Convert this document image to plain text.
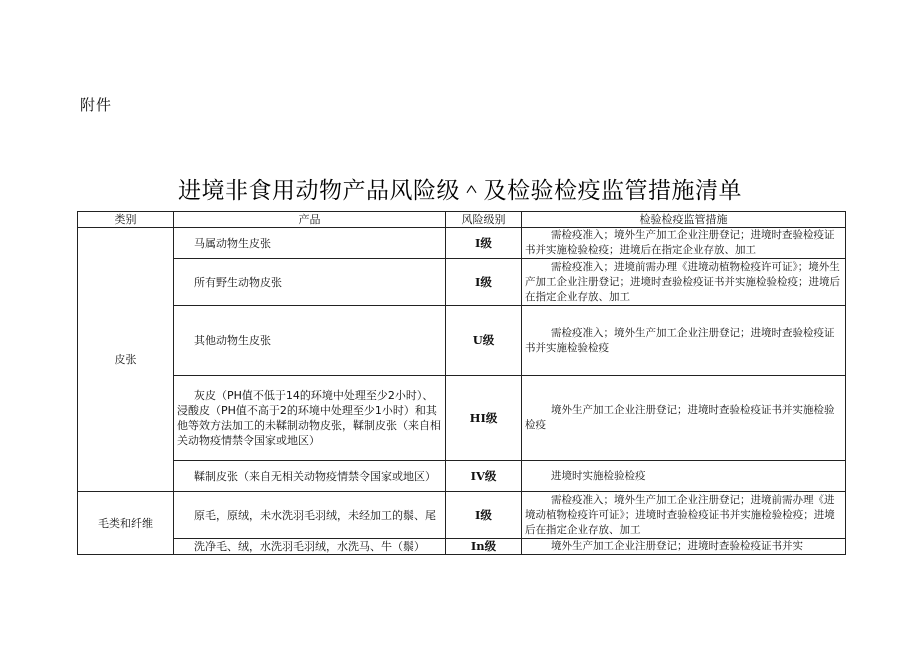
附件
进境非食用动物产品风险级＾及检验检疫监管措施清单
类别	产品	风险级别	检验检疫监管措施
皮张	马属动物生皮张	I级	需检疫准入；境外生产加工企业注册登记；进境时查验检疫证书并实施检验检疫；进境后在指定企业存放、加工
	所有野生动物皮张	I级	需检疫准入；进境前需办理《进境动植物检疫许可证》；境外生产加工企业注册登记；进境时查验检疫证书并实施检验检疫；进境后在指定企业存放、加工
	其他动物生皮张	U级	需检疫准入；境外生产加工企业注册登记；进境时查验检疫证书并实施检验检疫
	灰皮（PH值不低于14的环境中处理至少2小时）、浸酸皮（PH值不高于2的环境中处理至少1小时）和其他等效方法加工的未鞣制动物皮张，鞣制皮张（来自相关动物疫情禁令国家或地区）	HI级	境外生产加工企业注册登记；进境时查验检疫证书并实施检验检疫
	鞣制皮张（来自无相关动物疫情禁令国家或地区）	IV级	进境时实施检验检疫
毛类和纤维	原毛，原绒，未水洗羽毛羽绒，未经加工的鬃、尾	I级	需检疫准入；境外生产加工企业注册登记；进境前需办理《进境动植物检疫许可证》；进境时查验检疫证书并实施检验检疫；进境后在指定企业存放、加工
	洗净毛、绒，水洗羽毛羽绒，水洗马、牛（鬃）	In级	境外生产加工企业注册登记；进境时查验检疫证书并实
